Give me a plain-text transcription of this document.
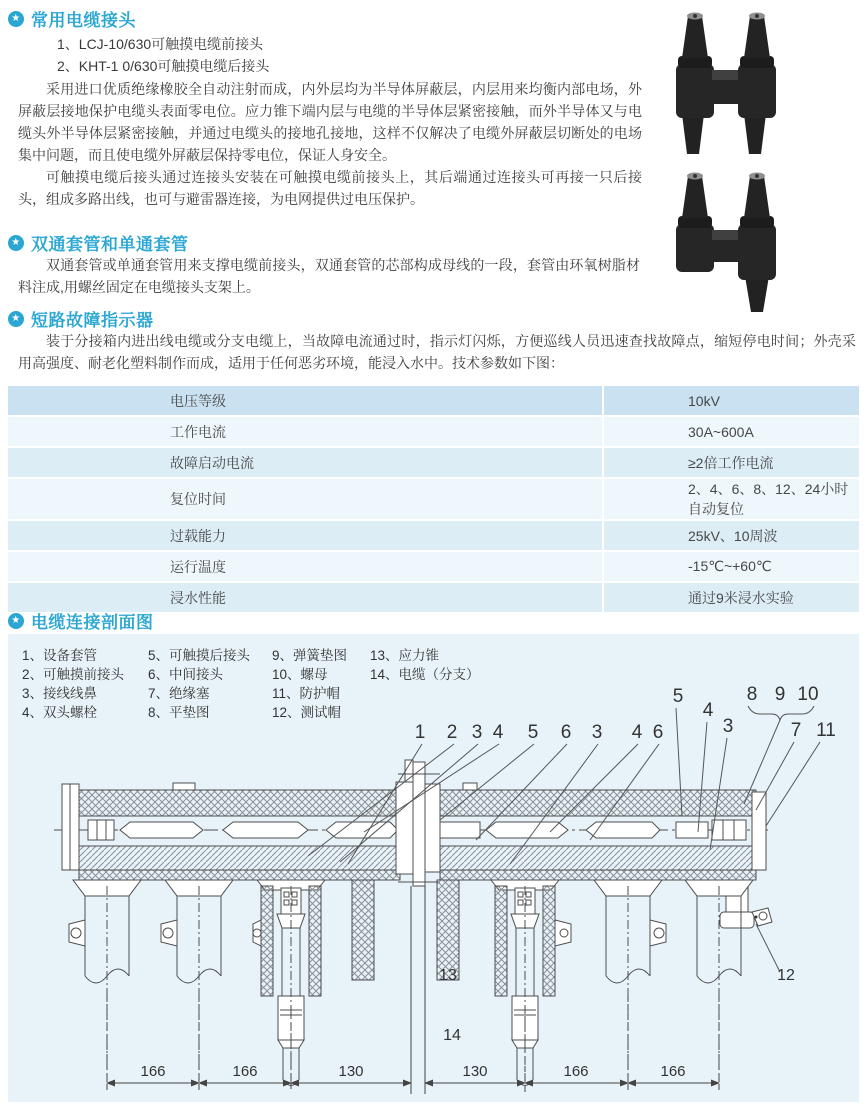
★ 常用电缆接头
1、LCJ-10/630可触摸电缆前接头
2、KHT-1 0/630可触摸电缆后接头

采用进口优质绝缘橡胶全自动注射而成，内外层均为半导体屏蔽层，内层用来均衡内部电场，外屏蔽层接地保护电缆头表面零电位。应力锥下端内层与电缆的半导体层紧密接触，而外半导体又与电缆头外半导体层紧密接触，并通过电缆头的接地孔接地，这样不仅解决了电缆外屏蔽层切断处的电场集中问题，而且使电缆外屏蔽层保持零电位，保证人身安全。

可触摸电缆后接头通过连接头安装在可触摸电缆前接头上，其后端通过连接头可再接一只后接头，组成多路出线，也可与避雷器连接，为电网提供过电压保护。

★ 双通套管和单通套管

双通套管或单通套管用来支撑电缆前接头，双通套管的芯部构成母线的一段，套管由环氧树脂材料注成,用螺丝固定在电缆接头支架上。

★ 短路故障指示器

装于分接箱内进出线电缆或分支电缆上，当故障电流通过时，指示灯闪烁，方便巡线人员迅速查找故障点，缩短停电时间；外壳采用高强度、耐老化塑料制作而成，适用于任何恶劣环境，能浸入水中。技术参数如下图：

电压等级	10kV
工作电流	30A~600A
故障启动电流	≥2倍工作电流
复位时间	2、4、6、8、12、24小时自动复位
过载能力	25kV、10周波
运行温度	-15℃~+60℃
浸水性能	通过9米浸水实验
★ 电缆连接剖面图
1 2 3 4 5 6 3 4 6
5
4
3
8 9 10
7 11
12
13
14
166	166	130	130	166	166
1、设备套管
2、可触摸前接头
3、接线线鼻
4、双头螺栓
5、可触摸后接头
6、中间接头
7、绝缘塞
8、平垫图
9、弹簧垫图
10、螺母
11、防护帽
12、测试帽
13、应力锥
14、电缆（分支）
